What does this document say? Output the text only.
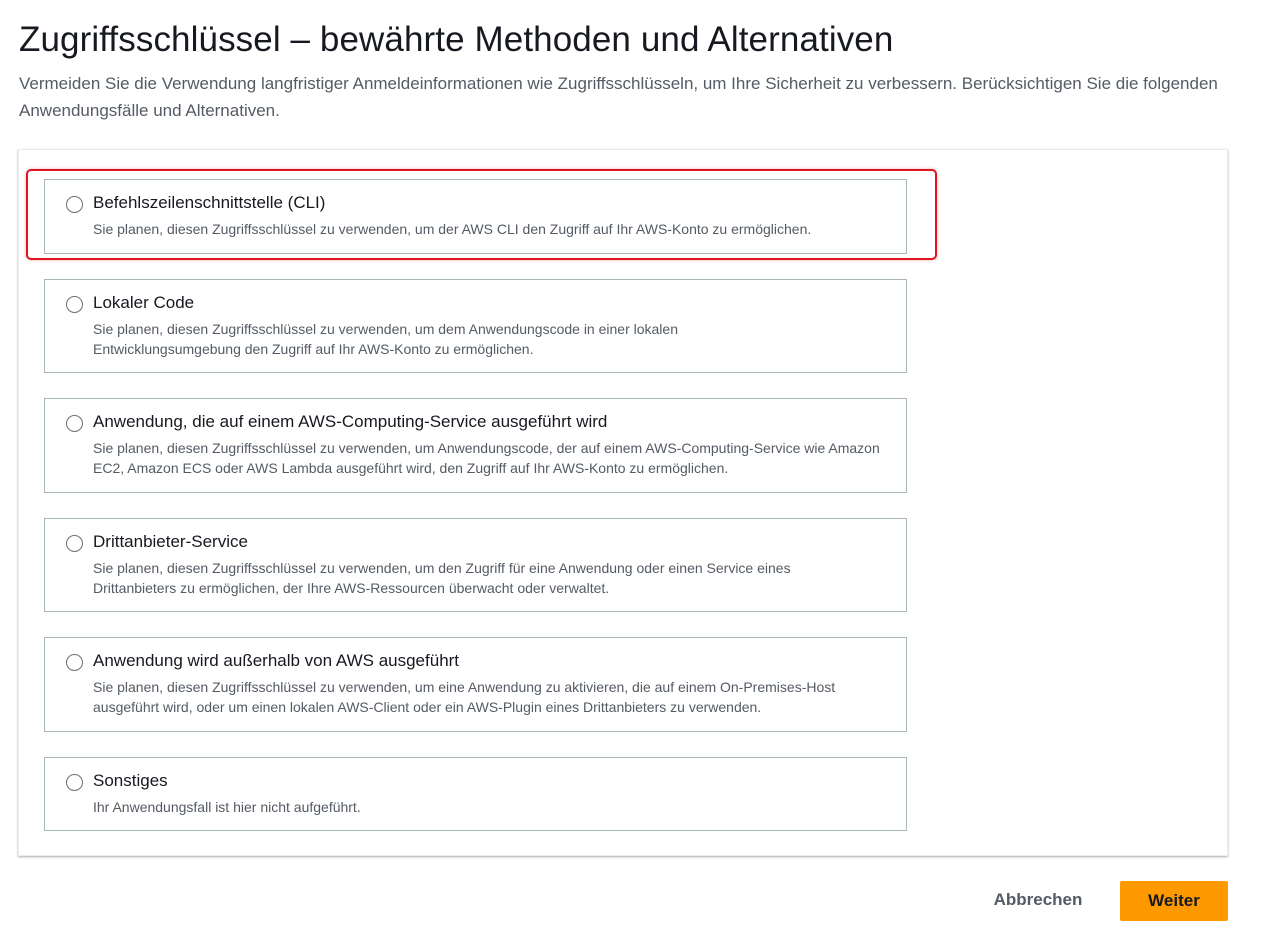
Zugriffsschlüssel – bewährte Methoden und Alternativen

Vermeiden Sie die Verwendung langfristiger Anmeldeinformationen wie Zugriffsschlüsseln, um Ihre Sicherheit zu verbessern. Berücksichtigen Sie die folgenden Anwendungsfälle und Alternativen.

Befehlszeilenschnittstelle (CLI)
Sie planen, diesen Zugriffsschlüssel zu verwenden, um der AWS CLI den Zugriff auf Ihr AWS-Konto zu ermöglichen.
Lokaler Code
Sie planen, diesen Zugriffsschlüssel zu verwenden, um dem Anwendungscode in einer lokalen Entwicklungsumgebung den Zugriff auf Ihr AWS-Konto zu ermöglichen.
Anwendung, die auf einem AWS-Computing-Service ausgeführt wird
Sie planen, diesen Zugriffsschlüssel zu verwenden, um Anwendungscode, der auf einem AWS-Computing-Service wie Amazon EC2, Amazon ECS oder AWS Lambda ausgeführt wird, den Zugriff auf Ihr AWS-Konto zu ermöglichen.
Drittanbieter-Service
Sie planen, diesen Zugriffsschlüssel zu verwenden, um den Zugriff für eine Anwendung oder einen Service eines Drittanbieters zu ermöglichen, der Ihre AWS-Ressourcen überwacht oder verwaltet.
Anwendung wird außerhalb von AWS ausgeführt
Sie planen, diesen Zugriffsschlüssel zu verwenden, um eine Anwendung zu aktivieren, die auf einem On-Premises-Host ausgeführt wird, oder um einen lokalen AWS-Client oder ein AWS-Plugin eines Drittanbieters zu verwenden.
Sonstiges
Ihr Anwendungsfall ist hier nicht aufgeführt.
Abbrechen	Weiter
